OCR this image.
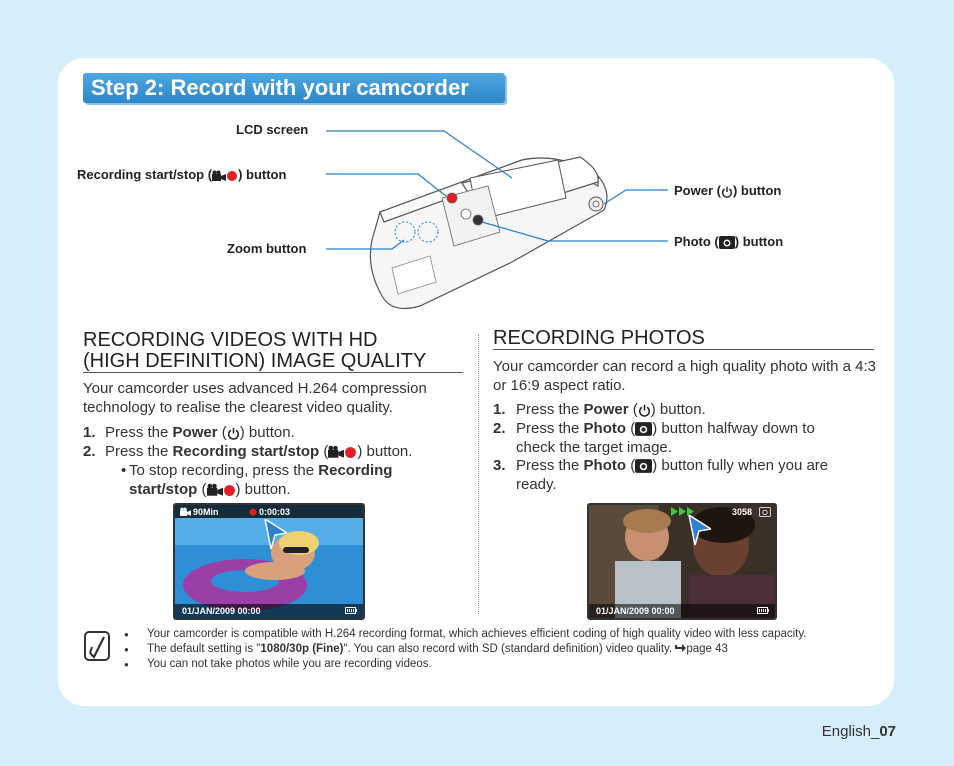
Step 2: Record with your camcorder
LCD screen
Recording start/stop ( ) button
Zoom button
Power ( ) button
Photo ( ) button
RECORDING VIDEOS WITH HD
(HIGH DEFINITION) IMAGE QUALITY
Your camcorder uses advanced H.264 compression technology to realise the clearest video quality.
1. Press the Power ( ) button.
2. Press the Recording start/stop ( ) button.
• To stop recording, press the Recording start/stop ( ) button.
90Min	0:00:03
01/JAN/2009 00:00
RECORDING PHOTOS
Your camcorder can record a high quality photo with a 4:3 or 16:9 aspect ratio.
1. Press the Power ( ) button.
2. Press the Photo ( ) button halfway down to check the target image.
3. Press the Photo ( ) button fully when you are ready.
3058
01/JAN/2009 00:00
● Your camcorder is compatible with H.264 recording format, which achieves efficient coding of high quality video with less capacity.
● The default setting is "1080/30p (Fine)". You can also record with SD (standard definition) video quality. page 43
● You can not take photos while you are recording videos.
English_07
